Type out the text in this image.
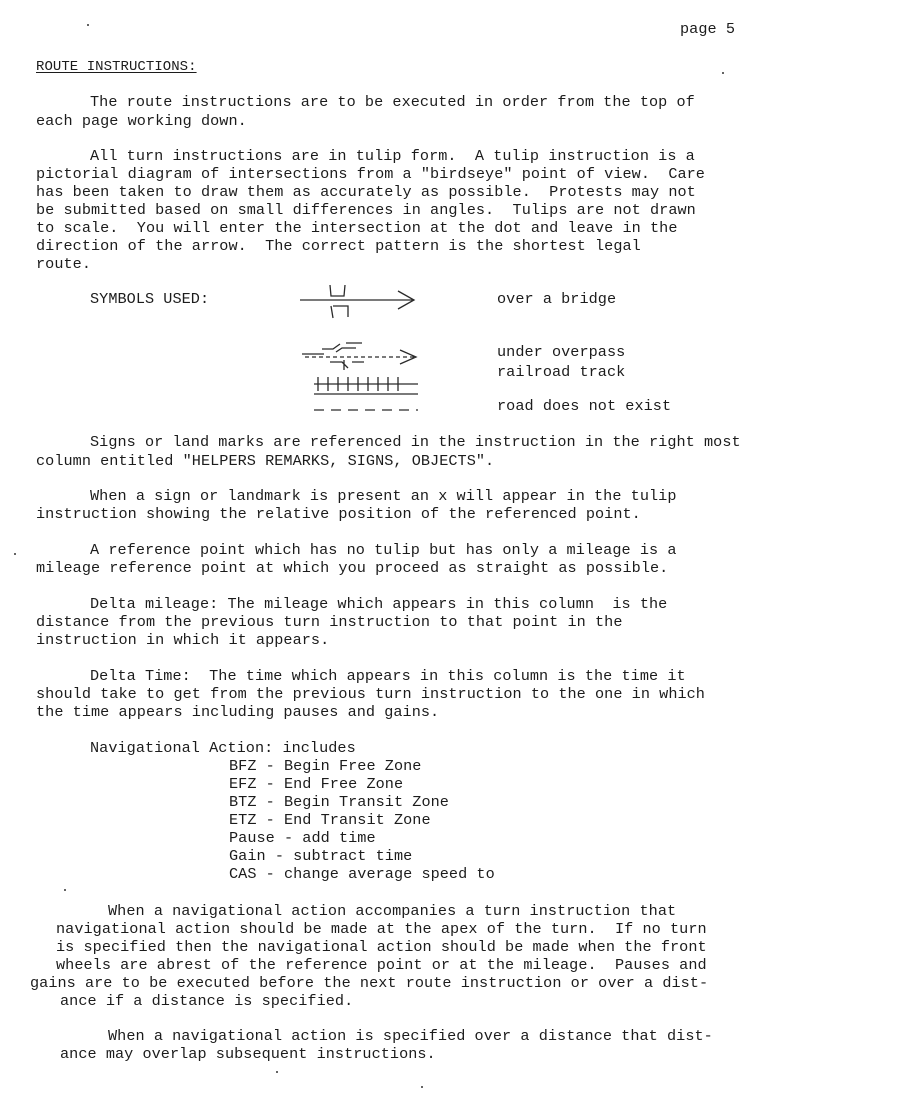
page 5
ROUTE INSTRUCTIONS:
The route instructions are to be executed in order from the top of
each page working down.
All turn instructions are in tulip form.  A tulip instruction is a
pictorial diagram of intersections from a "birdseye" point of view.  Care
has been taken to draw them as accurately as possible.  Protests may not
be submitted based on small differences in angles.  Tulips are not drawn
to scale.  You will enter the intersection at the dot and leave in the
direction of the arrow.  The correct pattern is the shortest legal
route.
SYMBOLS USED:	over a bridge
under overpass
railroad track
road does not exist
Signs or land marks are referenced in the instruction in the right most
column entitled "HELPERS REMARKS, SIGNS, OBJECTS".
When a sign or landmark is present an x will appear in the tulip
instruction showing the relative position of the referenced point.
A reference point which has no tulip but has only a mileage is a
mileage reference point at which you proceed as straight as possible.
Delta mileage: The mileage which appears in this column  is the
distance from the previous turn instruction to that point in the
instruction in which it appears.
Delta Time:  The time which appears in this column is the time it
should take to get from the previous turn instruction to the one in which
the time appears including pauses and gains.
Navigational Action: includes
BFZ - Begin Free Zone
EFZ - End Free Zone
BTZ - Begin Transit Zone
ETZ - End Transit Zone
Pause - add time
Gain - subtract time
CAS - change average speed to
When a navigational action accompanies a turn instruction that
navigational action should be made at the apex of the turn.  If no turn
is specified then the navigational action should be made when the front
wheels are abrest of the reference point or at the mileage.  Pauses and
gains are to be executed before the next route instruction or over a dist-
ance if a distance is specified.
When a navigational action is specified over a distance that dist-
ance may overlap subsequent instructions.
